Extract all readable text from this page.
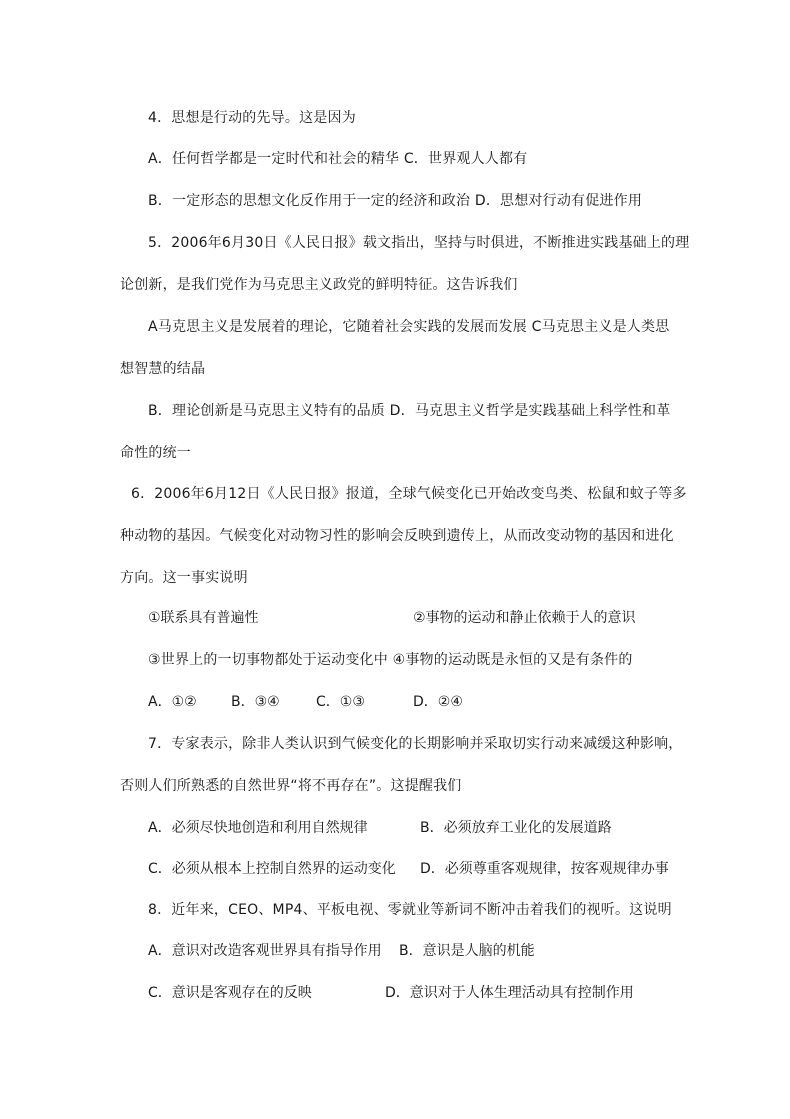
4．思想是行动的先导。这是因为
A．任何哲学都是一定时代和社会的精华 C．世界观人人都有
B．一定形态的思想文化反作用于一定的经济和政治 D．思想对行动有促进作用
5．2006年6月30日《人民日报》载文指出，坚持与时俱进，不断推进实践基础上的理
论创新，是我们党作为马克思主义政党的鲜明特征。这告诉我们
A马克思主义是发展着的理论，它随着社会实践的发展而发展 C马克思主义是人类思
想智慧的结晶
B．理论创新是马克思主义特有的品质 D．马克思主义哲学是实践基础上科学性和革
命性的统一
6．2006年6月12日《人民日报》报道，全球气候变化已开始改变鸟类、松鼠和蚊子等多
种动物的基因。气候变化对动物习性的影响会反映到遗传上，从而改变动物的基因和进化
方向。这一事实说明
①联系具有普遍性	②事物的运动和静止依赖于人的意识
③世界上的一切事物都处于运动变化中 ④事物的运动既是永恒的又是有条件的
A．①② B．③④	C．①③	D．②④
7．专家表示，除非人类认识到气候变化的长期影响并采取切实行动来减缓这种影响，
否则人们所熟悉的自然世界“将不再存在”。这提醒我们
A．必须尽快地创造和利用自然规律	B．必须放弃工业化的发展道路
C．必须从根本上控制自然界的运动变化 D．必须尊重客观规律，按客观规律办事
8．近年来，CEO、MP4、平板电视、零就业等新词不断冲击着我们的视听。这说明
A．意识对改造客观世界具有指导作用 B．意识是人脑的机能
C．意识是客观存在的反映	D．意识对于人体生理活动具有控制作用
